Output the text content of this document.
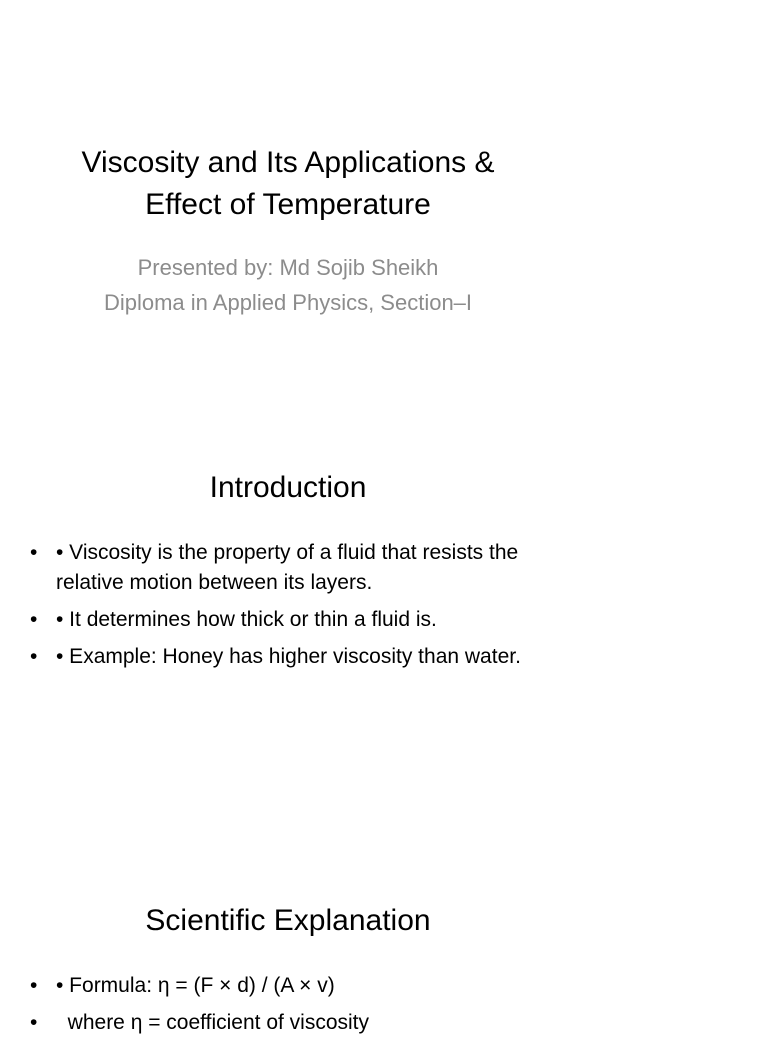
Viscosity and Its Applications &
Effect of Temperature
Presented by: Md Sojib Sheikh
Diploma in Applied Physics, Section–I
Introduction
• • Viscosity is the property of a fluid that resists the relative motion between its layers.
• • It determines how thick or thin a fluid is.
• • Example: Honey has higher viscosity than water.
Scientific Explanation
• • Formula: η = (F × d) / (A × v)
• where η = coefficient of viscosity
